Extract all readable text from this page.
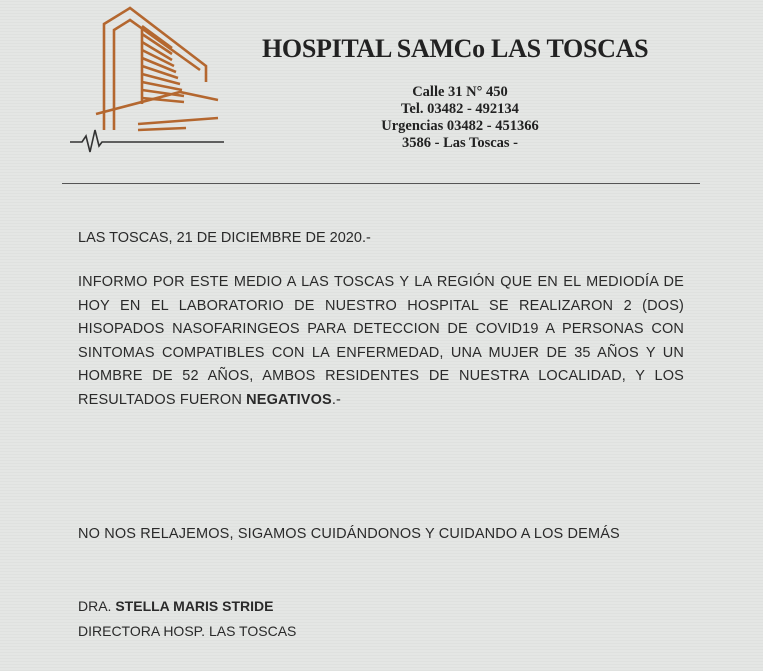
HOSPITAL SAMCo LAS TOSCAS
Calle 31 N° 450
Tel. 03482 - 492134
Urgencias 03482 - 451366
3586 - Las Toscas -
LAS TOSCAS, 21 DE DICIEMBRE DE 2020.-
INFORMO POR ESTE MEDIO A LAS TOSCAS Y LA REGIÓN QUE EN EL MEDIODÍA DE HOY EN EL LABORATORIO DE NUESTRO HOSPITAL SE REALIZARON 2 (DOS) HISOPADOS NASOFARINGEOS PARA DETECCION DE COVID19 A PERSONAS CON SINTOMAS COMPATIBLES CON LA ENFERMEDAD, UNA MUJER DE 35 AÑOS Y UN HOMBRE DE 52 AÑOS, AMBOS RESIDENTES DE NUESTRA LOCALIDAD, Y LOS RESULTADOS FUERON NEGATIVOS.-
NO NOS RELAJEMOS, SIGAMOS CUIDÁNDONOS Y CUIDANDO A LOS DEMÁS
DRA. STELLA MARIS STRIDE
DIRECTORA HOSP. LAS TOSCAS
